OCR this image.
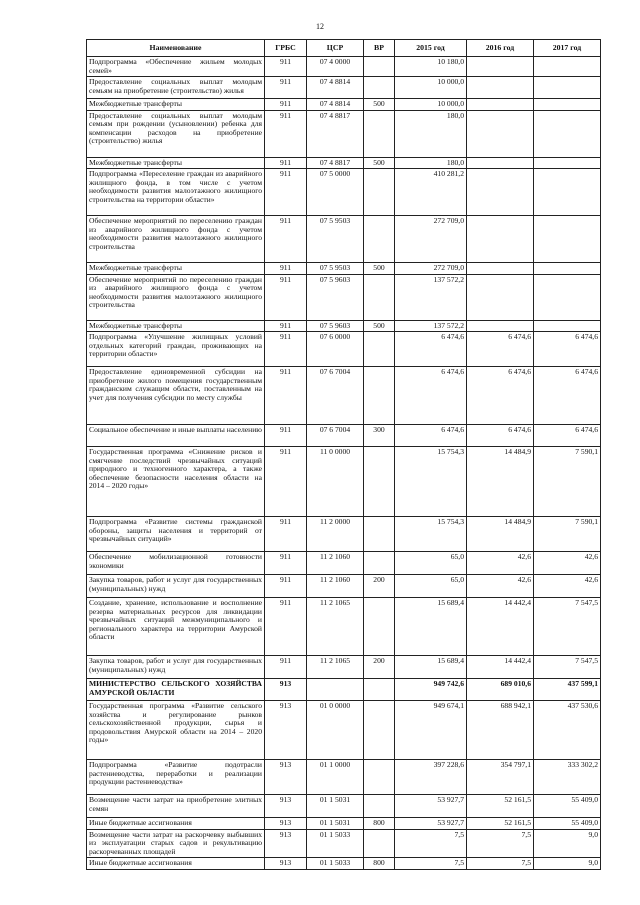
12
Наименование	ГРБС	ЦСР	ВР	2015 год	2016 год	2017 год
Подпрограмма «Обеспечение жильем молодых семей»	911	07 4 0000		10 180,0		
Предоставление социальных выплат молодым семьям на приобретение (строительство) жилья	911	07 4 8814		10 000,0		
Межбюджетные трансферты	911	07 4 8814	500	10 000,0		
Предоставление социальных выплат молодым семьям при рождении (усыновлении) ребенка для компенсации расходов на приобретение (строительство) жилья	911	07 4 8817		180,0		
Межбюджетные трансферты	911	07 4 8817	500	180,0		
Подпрограмма «Переселение граждан из аварийного жилищного фонда, в том числе с учетом необходимости развития малоэтажного жилищного строительства на территории области»	911	07 5 0000		410 281,2		
Обеспечение мероприятий по переселению граждан из аварийного жилищного фонда с учетом необходимости развития малоэтажного жилищного строительства	911	07 5 9503		272 709,0		
Межбюджетные трансферты	911	07 5 9503	500	272 709,0		
Обеспечение мероприятий по переселению граждан из аварийного жилищного фонда с учетом необходимости развития малоэтажного жилищного строительства	911	07 5 9603		137 572,2		
Межбюджетные трансферты	911	07 5 9603	500	137 572,2		
Подпрограмма «Улучшение жилищных условий отдельных категорий граждан, проживающих на территории области»	911	07 6 0000		6 474,6	6 474,6	6 474,6
Предоставление единовременной субсидии на приобретение жилого помещения государственным гражданским служащим области, поставленным на учет для получения субсидии по месту службы	911	07 6 7004		6 474,6	6 474,6	6 474,6
Социальное обеспечение и иные выплаты населению	911	07 6 7004	300	6 474,6	6 474,6	6 474,6
Государственная программа «Снижение рисков и смягчение последствий чрезвычайных ситуаций природного и техногенного характера, а также обеспечение безопасности населения области на 2014 – 2020 годы»	911	11 0 0000		15 754,3	14 484,9	7 590,1
Подпрограмма «Развитие системы гражданской обороны, защиты населения и территорий от чрезвычайных ситуаций»	911	11 2 0000		15 754,3	14 484,9	7 590,1
Обеспечение мобилизационной готовности экономики	911	11 2 1060		65,0	42,6	42,6
Закупка товаров, работ и услуг для государственных (муниципальных) нужд	911	11 2 1060	200	65,0	42,6	42,6
Создание, хранение, использование и восполнение резерва материальных ресурсов для ликвидации чрезвычайных ситуаций межмуниципального и регионального характера на территории Амурской области	911	11 2 1065		15 689,4	14 442,4	7 547,5
Закупка товаров, работ и услуг для государственных (муниципальных) нужд	911	11 2 1065	200	15 689,4	14 442,4	7 547,5
МИНИСТЕРСТВО СЕЛЬСКОГО ХОЗЯЙСТВА АМУРСКОЙ ОБЛАСТИ	913			949 742,6	689 010,6	437 599,1
Государственная программа «Развитие сельского хозяйства и регулирование рынков сельскохозяйственной продукции, сырья и продовольствия Амурской области на 2014 – 2020 годы»	913	01 0 0000		949 674,1	688 942,1	437 530,6
Подпрограмма «Развитие подотрасли растениеводства, переработки и реализации продукции растениеводства»	913	01 1 0000		397 228,6	354 797,1	333 302,2
Возмещение части затрат на приобретение элитных семян	913	01 1 5031		53 927,7	52 161,5	55 409,0
Иные бюджетные ассигнования	913	01 1 5031	800	53 927,7	52 161,5	55 409,0
Возмещение части затрат на раскорчевку выбывших из эксплуатации старых садов и рекультивацию раскорчеванных площадей	913	01 1 5033		7,5	7,5	9,0
Иные бюджетные ассигнования	913	01 1 5033	800	7,5	7,5	9,0
